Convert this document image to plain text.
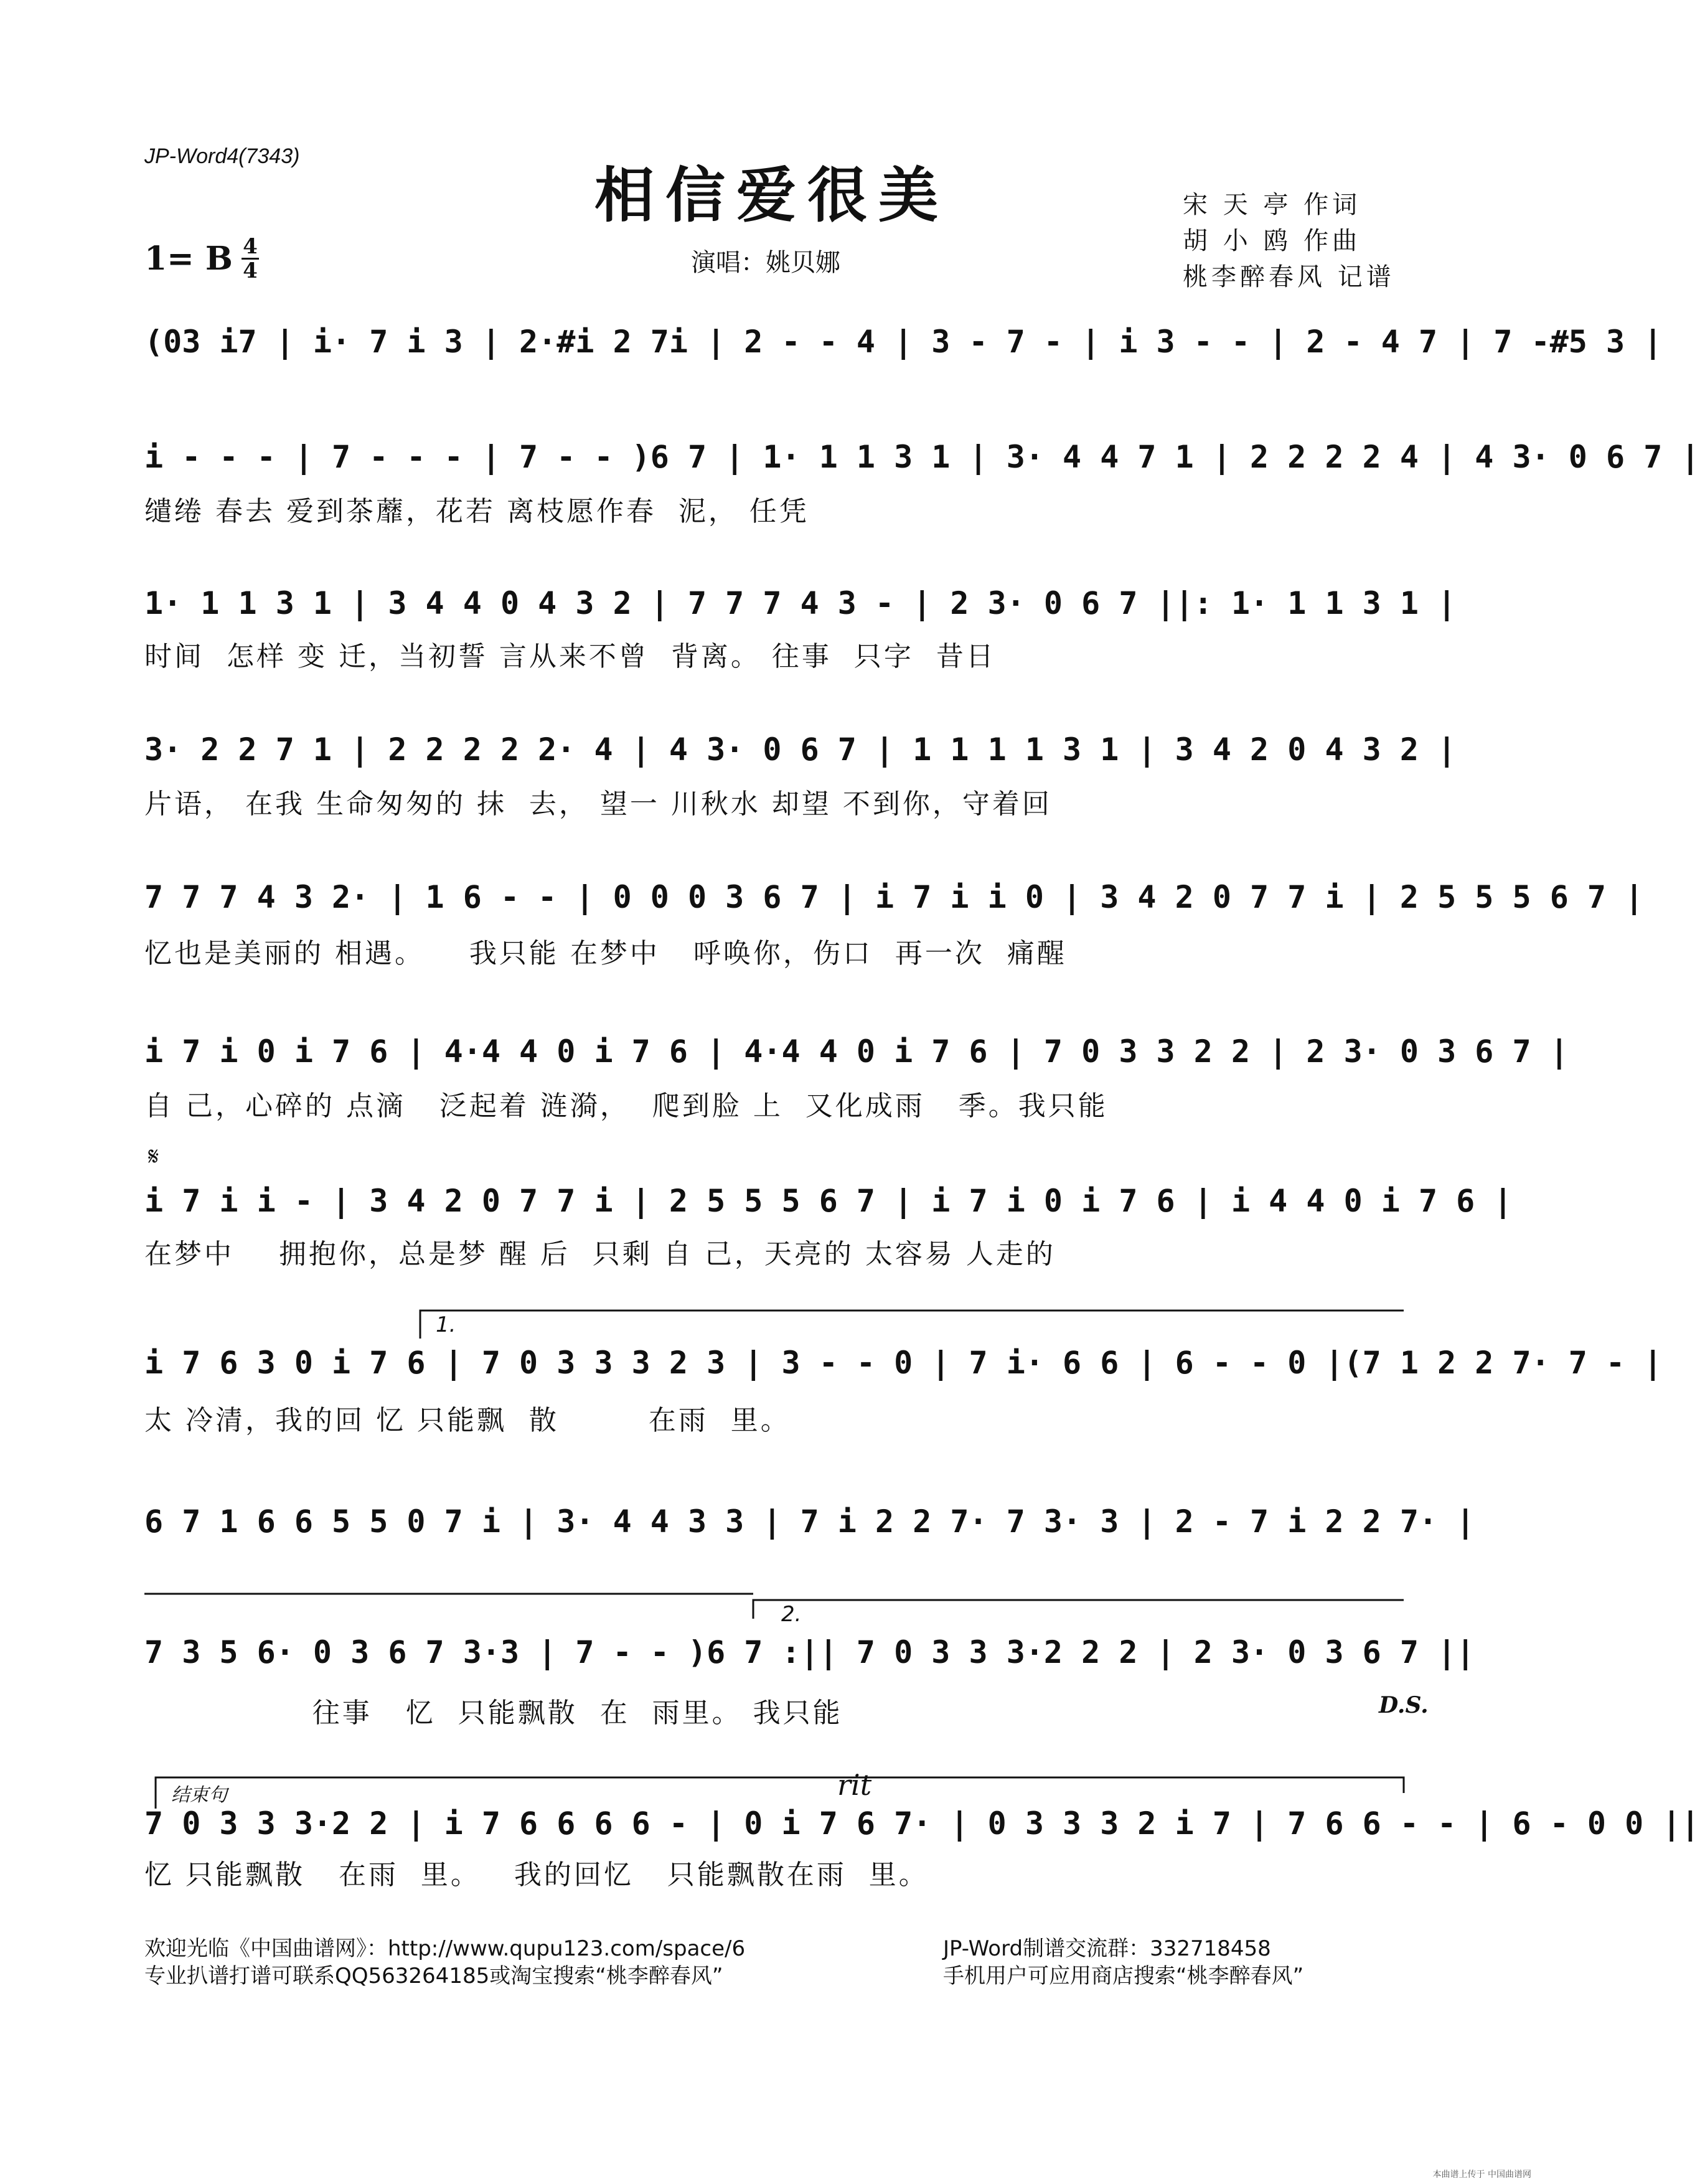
JP-Word4(7343)
相信爱很美
1= B 4
4	演唱：姚贝娜
宋 天 亭 作词
胡 小 鸥 作曲
桃李醉春风 记谱
1.
2.
𝄋
D.S.
结束句	rit
(03 i7 | i· 7 i 3 | 2·#i 2 7i | 2 - - 4 | 3 - 7 - | i 3 - - | 2 - 4 7 | 7 -#5 3 |
i - - - | 7 - - - | 7 - - )6 7 | 1· 1 1 3 1 | 3· 4 4 7 1 | 2 2 2 2 4 | 4 3· 0 6 7 |
缱绻 春去 爱到茶蘼，花若 离枝愿作春  泥， 任凭
1· 1 1 3 1 | 3 4 4 0 4 3 2 | 7 7 7 4 3 - | 2 3· 0 6 7 ||: 1· 1 1 3 1 |
时间  怎样 变 迁，当初誓 言从来不曾  背离。 往事  只字  昔日
3· 2 2 7 1 | 2 2 2 2 2· 4 | 4 3· 0 6 7 | 1 1 1 1 3 1 | 3 4 2 0 4 3 2 |
片语， 在我 生命匆匆的 抹  去， 望一 川秋水 却望 不到你，守着回
7 7 7 4 3 2· | 1 6 - - | 0 0 0 3 6 7 | i 7 i i 0 | 3 4 2 0 7 7 i | 2 5 5 5 6 7 |
忆也是美丽的 相遇。    我只能 在梦中   呼唤你，伤口  再一次  痛醒
i 7 i 0 i 7 6 | 4·4 4 0 i 7 6 | 4·4 4 0 i 7 6 | 7 0 3 3 2 2 | 2 3· 0 3 6 7 |
自 己，心碎的 点滴   泛起着 涟漪，  爬到脸 上  又化成雨   季。我只能
i 7 i i - | 3 4 2 0 7 7 i | 2 5 5 5 6 7 | i 7 i 0 i 7 6 | i 4 4 0 i 7 6 |
在梦中    拥抱你，总是梦 醒 后  只剩 自 己，天亮的 太容易 人走的
i 7 6 3 0 i 7 6 | 7 0 3 3 3 2 3 | 3 - - 0 | 7 i· 6 6 | 6 - - 0 |(7 1 2 2 7· 7 - |
太 冷清，我的回 忆 只能飘  散        在雨  里。
6 7 1 6 6 5 5 0 7 i | 3· 4 4 3 3 | 7 i 2 2 7· 7 3· 3 | 2 - 7 i 2 2 7· |
7 3 5 6· 0 3 6 7 3·3 | 7 - - )6 7 :|| 7 0 3 3 3·2 2 2 | 2 3· 0 3 6 7 ||
往事   忆  只能飘散  在  雨里。 我只能
7 0 3 3 3·2 2 | i 7 6 6 6 6 - | 0 i 7 6 7· | 0 3 3 3 2 i 7 | 7 6 6 - - | 6 - 0 0 ||
忆 只能飘散   在雨  里。   我的回忆   只能飘散在雨  里。
欢迎光临《中国曲谱网》：http://www.qupu123.com/space/6
专业扒谱打谱可联系QQ563264185或淘宝搜索“桃李醉春风”
JP-Word制谱交流群：332718458
手机用户可应用商店搜索“桃李醉春风”
本曲谱上传于 中国曲谱网
